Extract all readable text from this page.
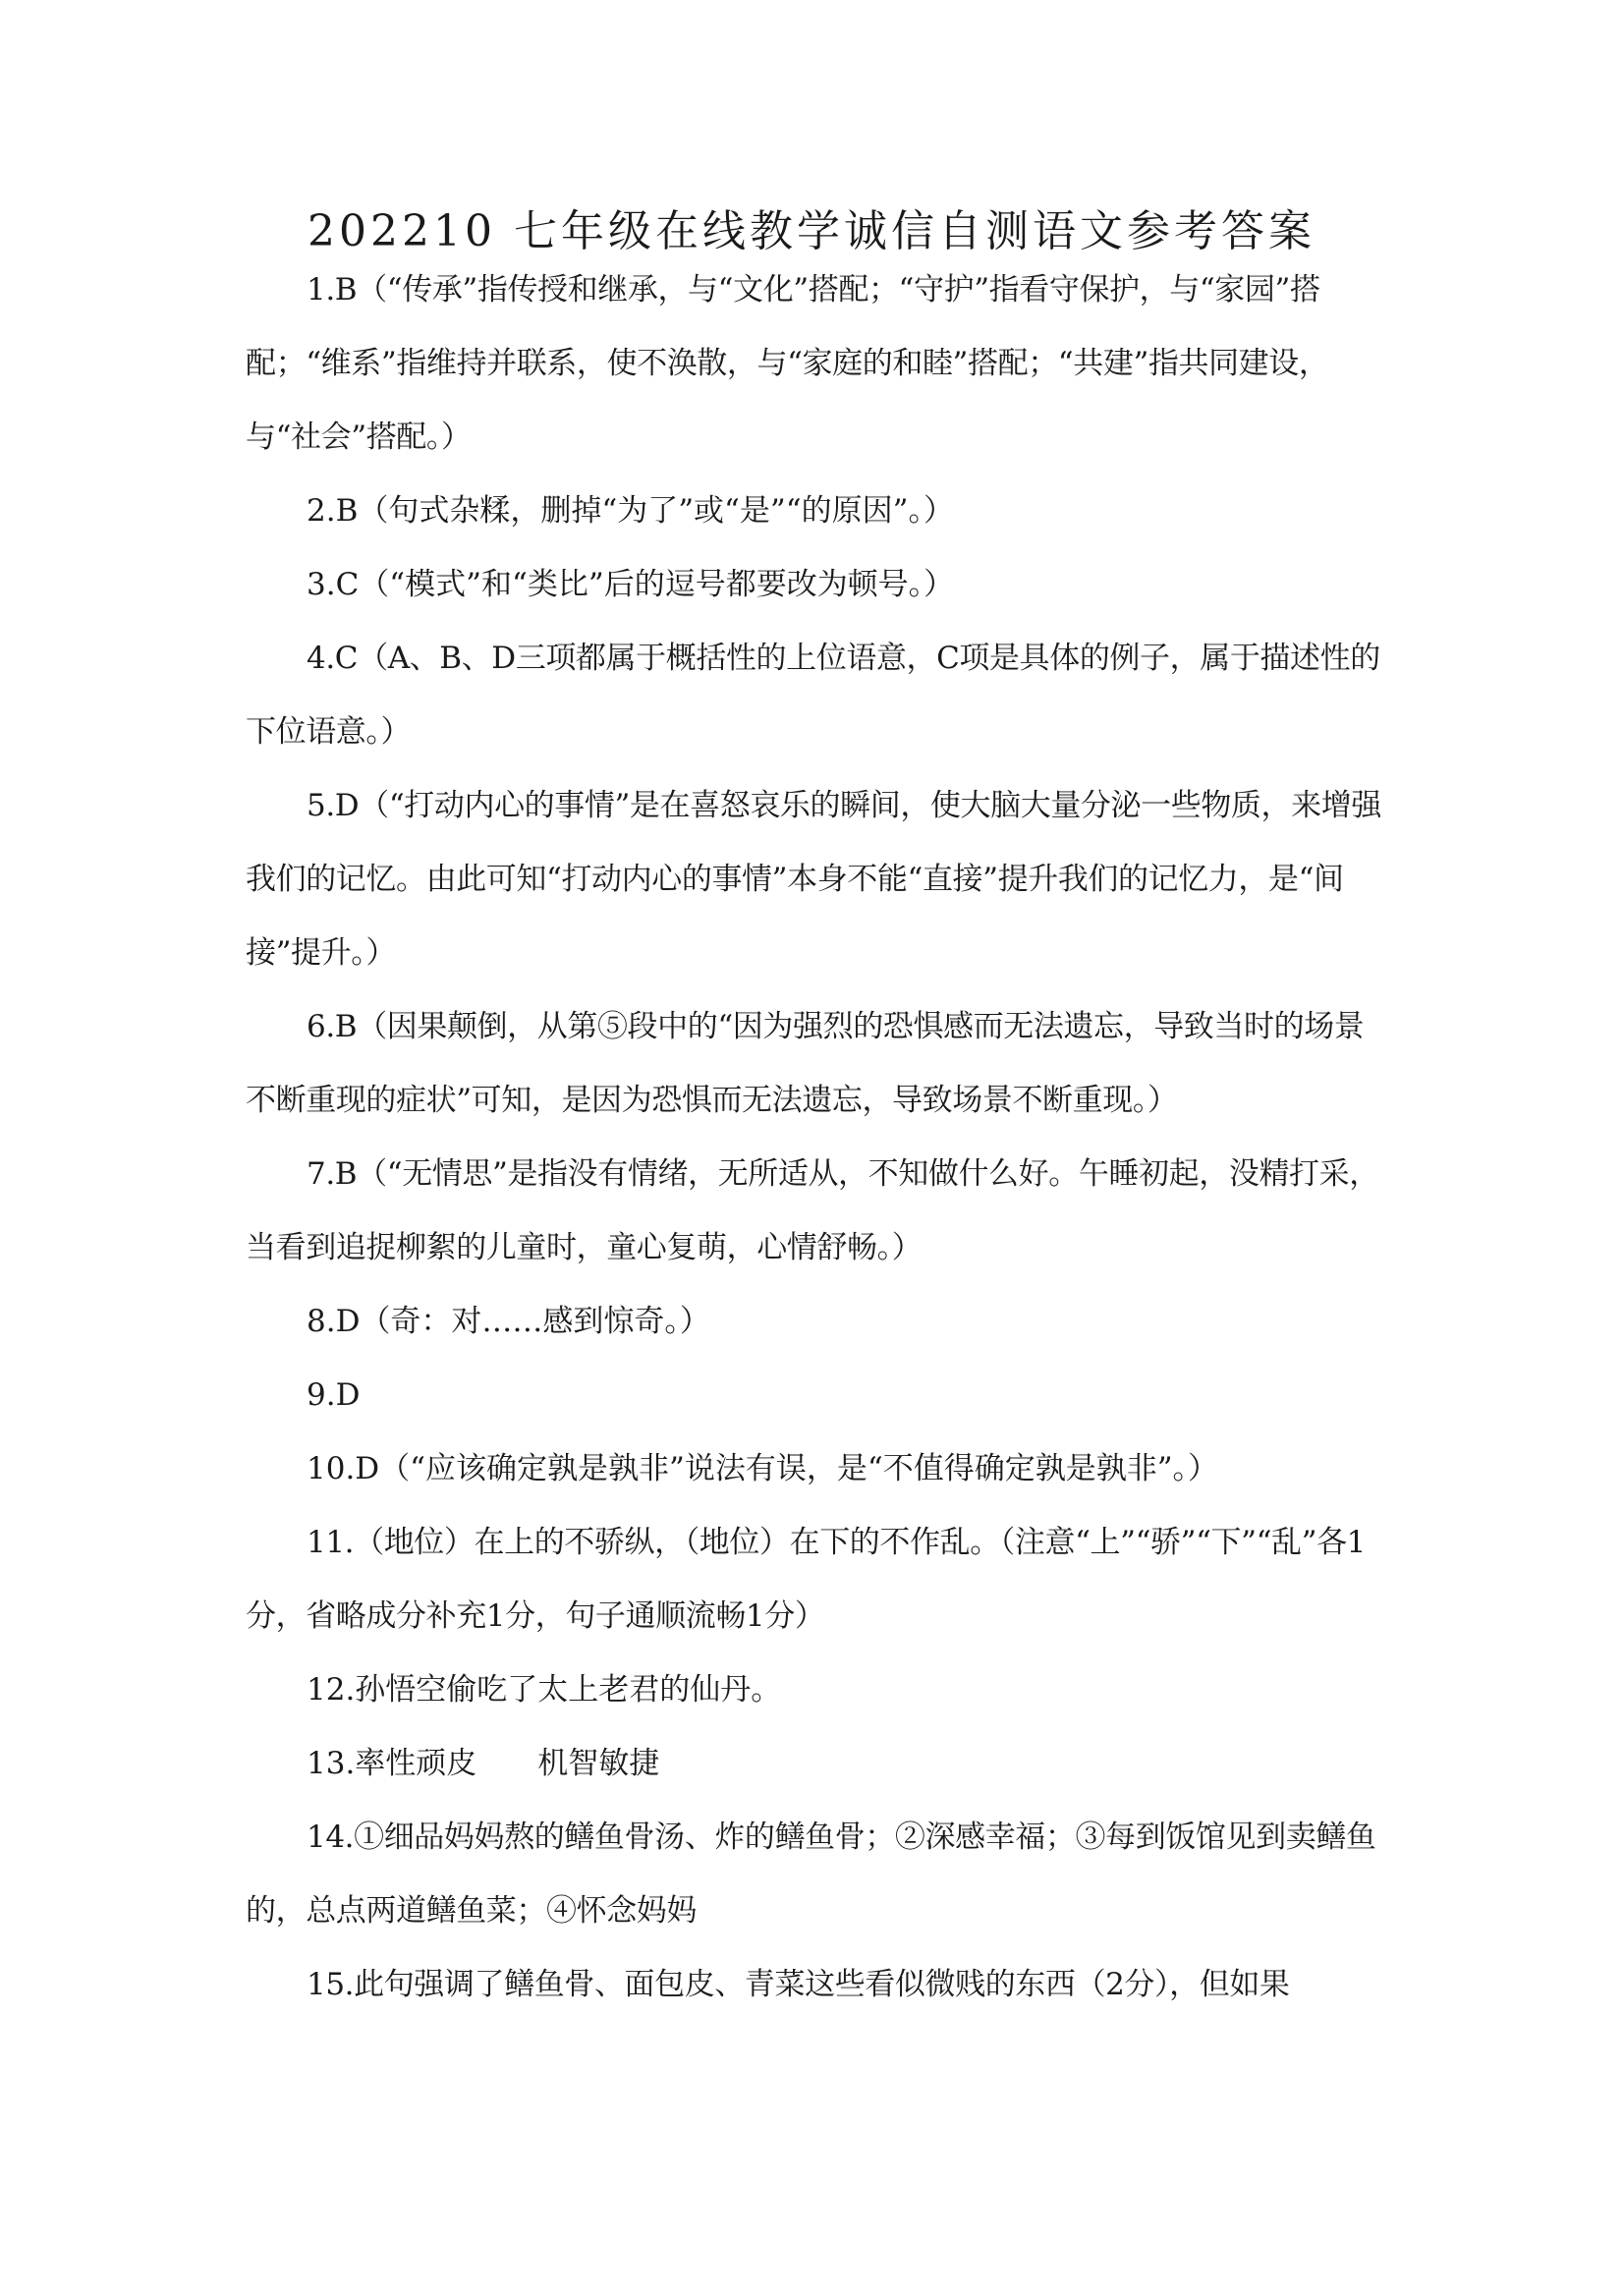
202210 七年级在线教学诚信自测语文参考答案

1.B（“传承”指传授和继承，与“文化”搭配；“守护”指看守保护，与“家园”搭配；“维系”指维持并联系，使不涣散，与“家庭的和睦”搭配；“共建”指共同建设，与“社会”搭配。）

2.B（句式杂糅，删掉“为了”或“是”“的原因”。）

3.C（“模式”和“类比”后的逗号都要改为顿号。）

4.C（A、B、D三项都属于概括性的上位语意，C项是具体的例子，属于描述性的下位语意。）

5.D（“打动内心的事情”是在喜怒哀乐的瞬间，使大脑大量分泌一些物质，来增强我们的记忆。由此可知“打动内心的事情”本身不能“直接”提升我们的记忆力，是“间接”提升。）

6.B（因果颠倒，从第⑤段中的“因为强烈的恐惧感而无法遗忘，导致当时的场景不断重现的症状”可知，是因为恐惧而无法遗忘，导致场景不断重现。）

7.B（“无情思”是指没有情绪，无所适从，不知做什么好。午睡初起，没精打采，当看到追捉柳絮的儿童时，童心复萌，心情舒畅。）

8.D（奇：对……感到惊奇。）

9.D

10.D（“应该确定孰是孰非”说法有误，是“不值得确定孰是孰非”。）

11.（地位）在上的不骄纵，（地位）在下的不作乱。（注意“上”“骄”“下”“乱”各1分，省略成分补充1分，句子通顺流畅1分）

12.孙悟空偷吃了太上老君的仙丹。

13.率性顽皮　　机智敏捷

14.①细品妈妈熬的鳝鱼骨汤、炸的鳝鱼骨；②深感幸福；③每到饭馆见到卖鳝鱼的，总点两道鳝鱼菜；④怀念妈妈

15.此句强调了鳝鱼骨、面包皮、青菜这些看似微贱的东西（2分），但如果
